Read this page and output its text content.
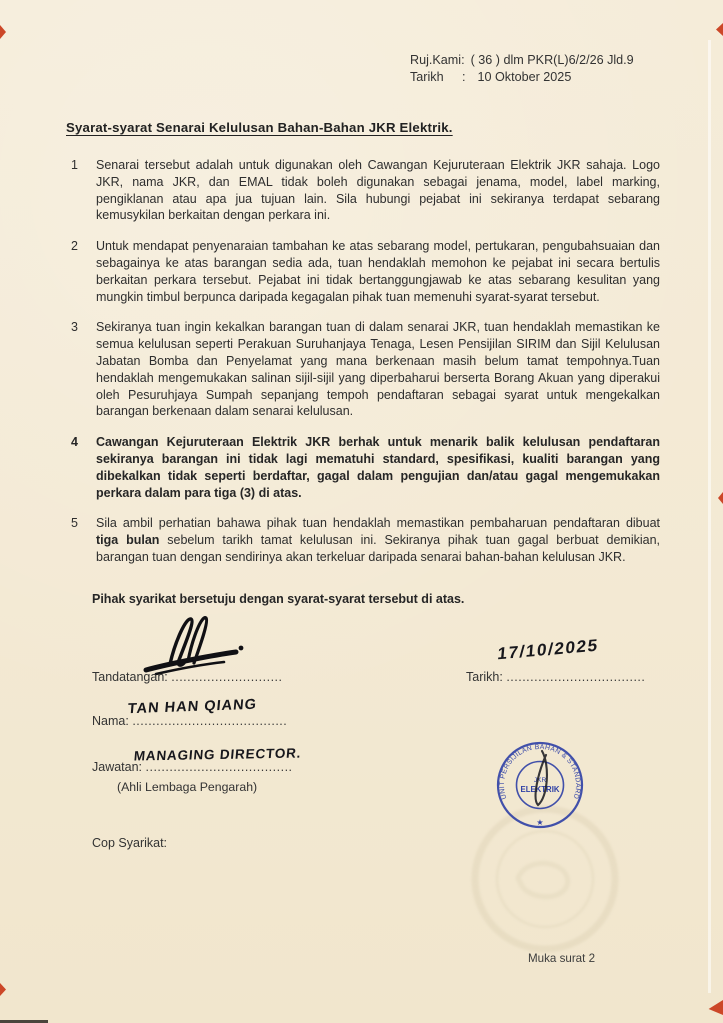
Ruj.Kami: ( 36 ) dlm PKR(L)6/2/26 Jld.9
Tarikh : 10 Oktober 2025
Syarat-syarat Senarai Kelulusan Bahan-Bahan JKR Elektrik.
1	Senarai tersebut adalah untuk digunakan oleh Cawangan Kejuruteraan Elektrik JKR sahaja. Logo JKR, nama JKR, dan EMAL tidak boleh digunakan sebagai jenama, model, label marking, pengiklanan atau apa jua tujuan lain. Sila hubungi pejabat ini sekiranya terdapat sebarang kemusykilan berkaitan dengan perkara ini.
2	Untuk mendapat penyenaraian tambahan ke atas sebarang model, pertukaran, pengubahsuaian dan sebagainya ke atas barangan sedia ada, tuan hendaklah memohon ke pejabat ini secara bertulis berkaitan perkara tersebut. Pejabat ini tidak bertanggungjawab ke atas sebarang kesulitan yang mungkin timbul berpunca daripada kegagalan pihak tuan memenuhi syarat-syarat tersebut.
3	Sekiranya tuan ingin kekalkan barangan tuan di dalam senarai JKR, tuan hendaklah memastikan ke semua kelulusan seperti Perakuan Suruhanjaya Tenaga, Lesen Pensijilan SIRIM dan Sijil Kelulusan Jabatan Bomba dan Penyelamat yang mana berkenaan masih belum tamat tempohnya.Tuan hendaklah mengemukakan salinan sijil-sijil yang diperbaharui berserta Borang Akuan yang diperakui oleh Pesuruhjaya Sumpah sepanjang tempoh pendaftaran sebagai syarat untuk mengekalkan barangan berkenaan dalam senarai kelulusan.
4	Cawangan Kejuruteraan Elektrik JKR berhak untuk menarik balik kelulusan pendaftaran sekiranya barangan ini tidak lagi mematuhi standard, spesifikasi, kualiti barangan yang dibekalkan tidak seperti berdaftar, gagal dalam pengujian dan/atau gagal mengemukakan perkara dalam para tiga (3) di atas.
5	Sila ambil perhatian bahawa pihak tuan hendaklah memastikan pembaharuan pendaftaran dibuat tiga bulan sebelum tarikh tamat kelulusan ini. Sekiranya pihak tuan gagal berbuat demikian, barangan tuan dengan sendirinya akan terkeluar daripada senarai bahan-bahan kelulusan JKR.
Pihak syarikat bersetuju dengan syarat-syarat tersebut di atas.
Tandatangan: ............................
17/10/2025
Tarikh: ...................................
TAN HAN QIANG
Nama: .......................................
MANAGING DIRECTOR.
Jawatan: .....................................
(Ahli Lembaga Pengarah)
Cop Syarikat:
UNIT PERSIJILAN BAHAN & STANDARD
★
JKR
ELEKTRIK
Muka surat 2
